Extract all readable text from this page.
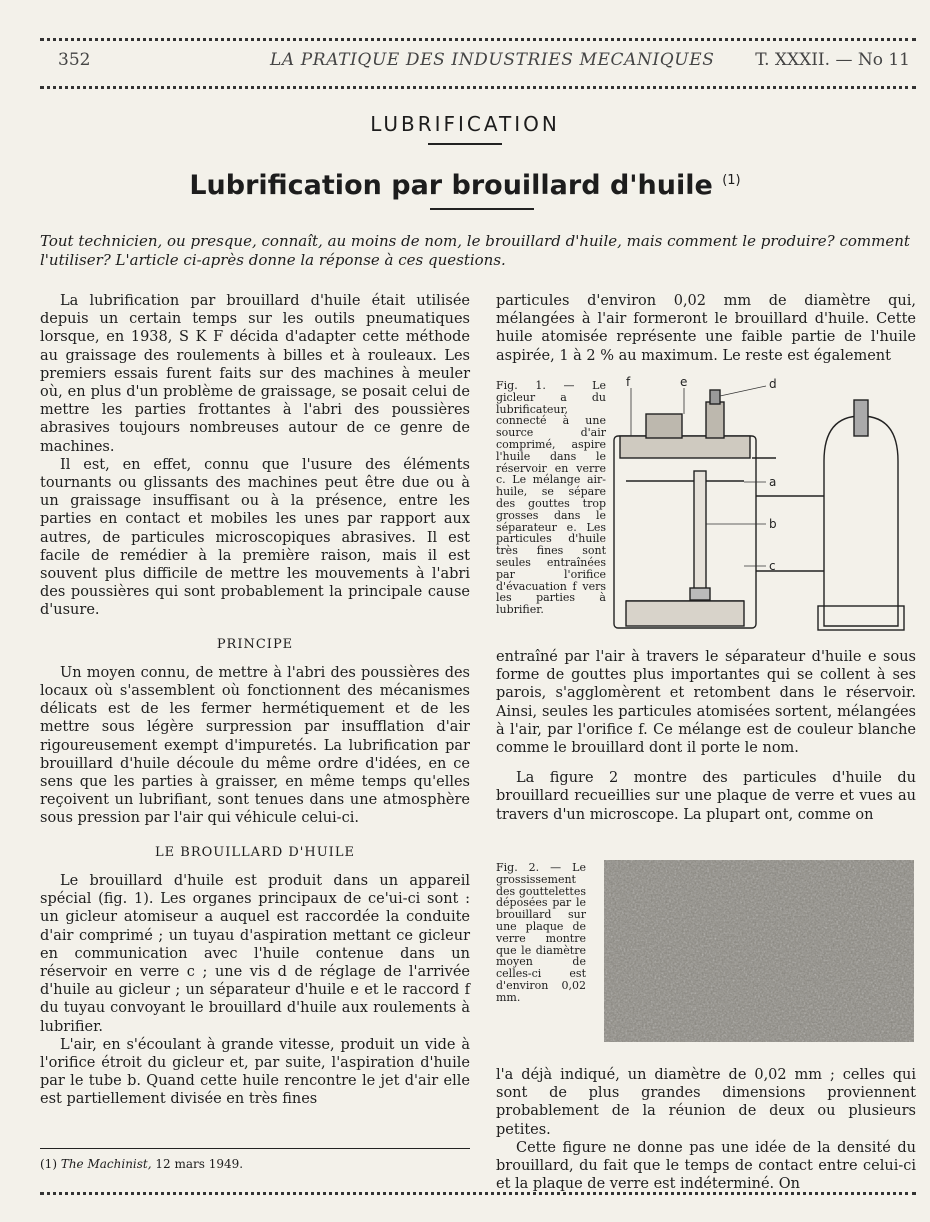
352	LA PRATIQUE DES INDUSTRIES MECANIQUES T. XXXII. — No 11
LUBRIFICATION
Lubrification par brouillard d'huile $^{(1)}$
Tout technicien, ou presque, connaît, au moins de nom, le brouillard d'huile, mais comment le produire? comment l'utiliser? L'article ci-après donne la réponse à ces questions.

La lubrification par brouillard d'huile était utilisée depuis un certain temps sur les outils pneumatiques lorsque, en 1938, S K F décida d'adapter cette méthode au graissage des roulements à billes et à rouleaux. Les premiers essais furent faits sur des machines à meuler où, en plus d'un problème de graissage, se posait celui de mettre les parties frottantes à l'abri des poussières abrasives toujours nombreuses autour de ce genre de machines.

Il est, en effet, connu que l'usure des éléments tournants ou glissants des machines peut être due ou à un graissage insuffisant ou à la présence, entre les parties en contact et mobiles les unes par rapport aux autres, de particules microscopiques abrasives. Il est facile de remédier à la première raison, mais il est souvent plus difficile de mettre les mouvements à l'abri des poussières qui sont probablement la principale cause d'usure.

PRINCIPE

Un moyen connu, de mettre à l'abri des poussières des locaux où s'assemblent où fonctionnent des mécanismes délicats est de les fermer hermétiquement et de les mettre sous légère surpression par insufflation d'air rigoureusement exempt d'impuretés. La lubrification par brouillard d'huile découle du même ordre d'idées, en ce sens que les parties à graisser, en même temps qu'elles reçoivent un lubrifiant, sont tenues dans une atmosphère sous pression par l'air qui véhicule celui-ci.

LE BROUILLARD D'HUILE

Le brouillard d'huile est produit dans un appareil spécial (fig. 1). Les organes principaux de ce'ui-ci sont : un gicleur atomiseur a auquel est raccordée la conduite d'air comprimé ; un tuyau d'aspiration mettant ce gicleur en communication avec l'huile contenue dans un réservoir en verre c ; une vis d de réglage de l'arrivée d'huile au gicleur ; un séparateur d'huile e et le raccord f du tuyau convoyant le brouillard d'huile aux roulements à lubrifier.

L'air, en s'écoulant à grande vitesse, produit un vide à l'orifice étroit du gicleur et, par suite, l'aspiration d'huile par le tube b. Quand cette huile rencontre le jet d'air elle est partiellement divisée en très fines

particules d'environ 0,02 mm de diamètre qui, mélangées à l'air formeront le brouillard d'huile. Cette huile atomisée représente une faible partie de l'huile aspirée, 1 à 2 % au maximum. Le reste est également

Fig. 1. — Le gicleur a du lubrificateur, connecté à une source d'air comprimé, aspire l'huile dans le réservoir en verre c. Le mélange air-huile, se sépare des gouttes trop grosses dans le séparateur e. Les particules d'huile très fines sont seules entraînées par l'orifice d'évacuation f vers les parties à lubrifier.
f	e	d
a
b
c

entraîné par l'air à travers le séparateur d'huile e sous forme de gouttes plus importantes qui se collent à ses parois, s'agglomèrent et retombent dans le réservoir. Ainsi, seules les particules atomisées sortent, mélangées à l'air, par l'orifice f. Ce mélange est de couleur blanche comme le brouillard dont il porte le nom.

La figure 2 montre des particules d'huile du brouillard recueillies sur une plaque de verre et vues au travers d'un microscope. La plupart ont, comme on

Fig. 2. — Le grossissement des gouttelettes déposées par le brouillard sur une plaque de verre montre que le diamètre moyen de celles-ci est d'environ 0,02 mm.

l'a déjà indiqué, un diamètre de 0,02 mm ; celles qui sont de plus grandes dimensions proviennent probablement de la réunion de deux ou plusieurs petites.

Cette figure ne donne pas une idée de la densité du brouillard, du fait que le temps de contact entre celui-ci et la plaque de verre est indéterminé. On

(1) The Machinist, 12 mars 1949.
